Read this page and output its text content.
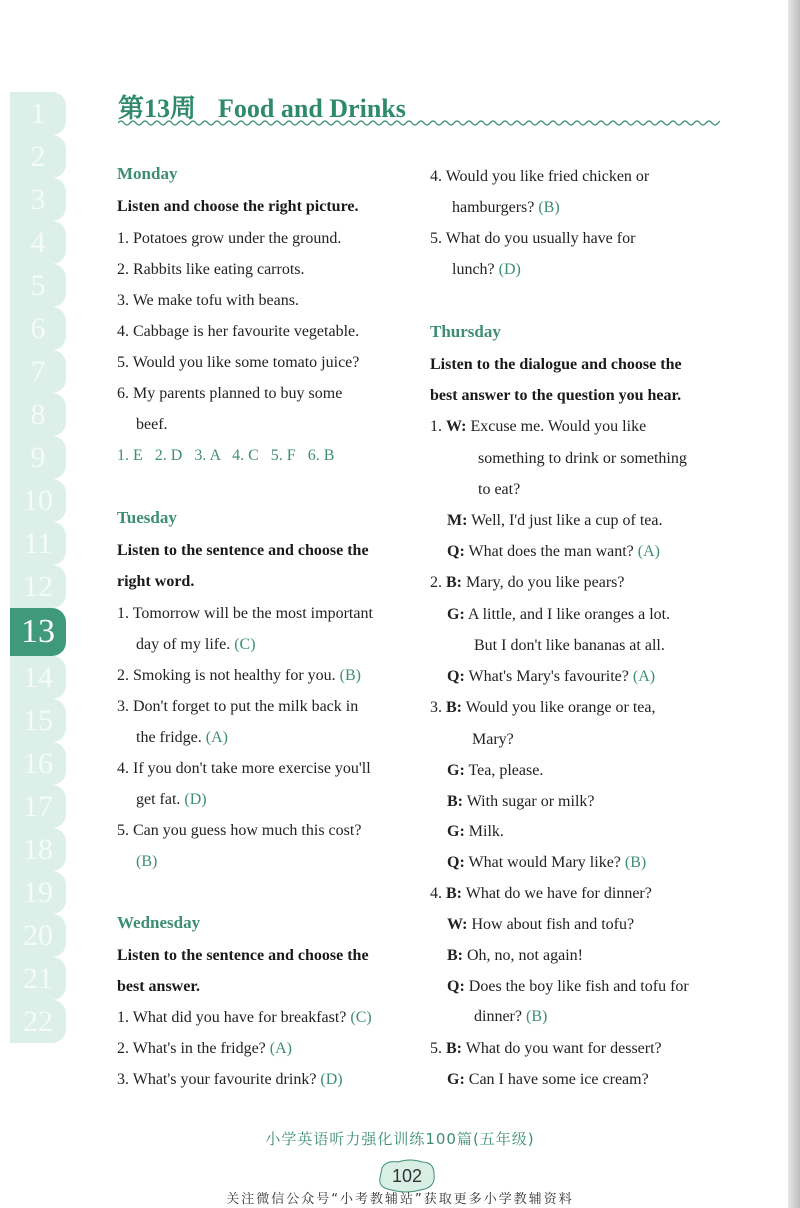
1
2
3
4
5
6
7
8
9
10
11
12
13
14
15
16
17
18
19
20
21
22
第13周 Food and Drinks
Monday
Listen and choose the right picture.
1. Potatoes grow under the ground.
2. Rabbits like eating carrots.
3. We make tofu with beans.
4. Cabbage is her favourite vegetable.
5. Would you like some tomato juice?
6. My parents planned to buy some
beef.
1. E   2. D   3. A   4. C   5. F   6. B
Tuesday
Listen to the sentence and choose the
right word.
1. Tomorrow will be the most important
day of my life. (C)
2. Smoking is not healthy for you. (B)
3. Don't forget to put the milk back in
the fridge. (A)
4. If you don't take more exercise you'll
get fat. (D)
5. Can you guess how much this cost?
(B)
Wednesday
Listen to the sentence and choose the
best answer.
1. What did you have for breakfast? (C)
2. What's in the fridge? (A)
3. What's your favourite drink? (D)
4. Would you like fried chicken or
hamburgers? (B)
5. What do you usually have for
lunch? (D)
Thursday
Listen to the dialogue and choose the
best answer to the question you hear.
1. W: Excuse me. Would you like
something to drink or something
to eat?
M: Well, I'd just like a cup of tea.
Q: What does the man want? (A)
2. B: Mary, do you like pears?
G: A little, and I like oranges a lot.
But I don't like bananas at all.
Q: What's Mary's favourite? (A)
3. B: Would you like orange or tea,
Mary?
G: Tea, please.
B: With sugar or milk?
G: Milk.
Q: What would Mary like? (B)
4. B: What do we have for dinner?
W: How about fish and tofu?
B: Oh, no, not again!
Q: Does the boy like fish and tofu for
dinner? (B)
5. B: What do you want for dessert?
G: Can I have some ice cream?
小学英语听力强化训练100篇(五年级)
102
关注微信公众号“小考教辅站”获取更多小学教辅资料
